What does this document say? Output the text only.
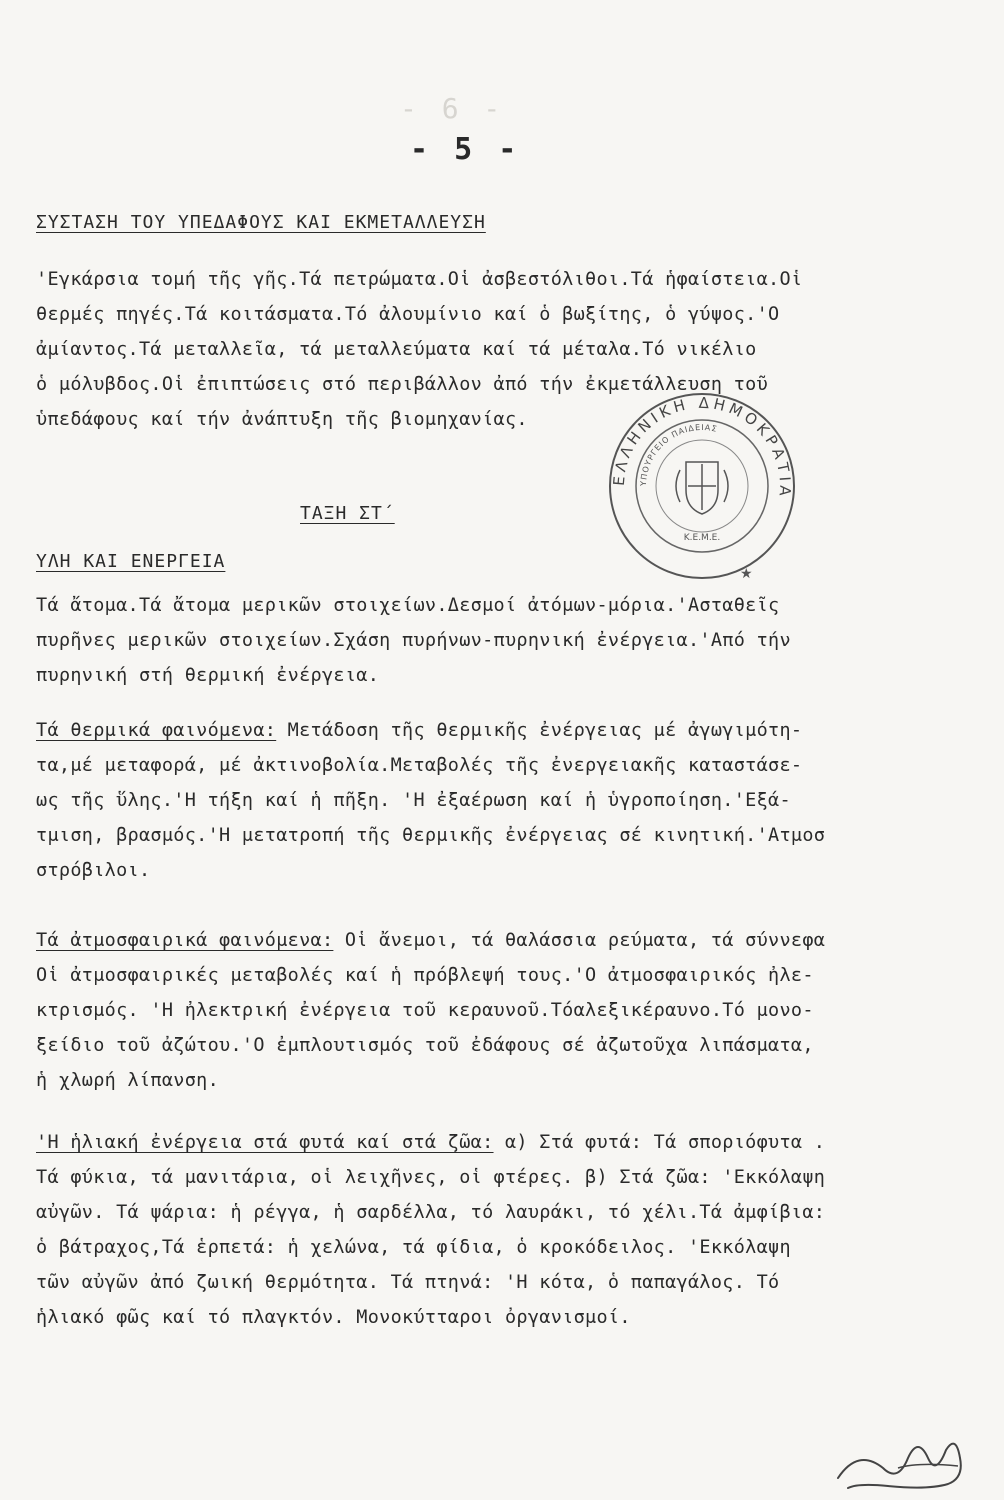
- 6 -
- 5 -
ΣΥΣΤΑΣΗ ΤΟΥ ΥΠΕΔΑΦΟΥΣ ΚΑΙ ΕΚΜΕΤΑΛΛΕΥΣΗ
'Εγκάρσια τομή τῆς γῆς.Τά πετρώματα.Οἱ ἀσβεστόλιθοι.Τά ἡφαίστεια.Οἱ
θερμές πηγές.Τά κοιτάσματα.Τό ἀλουμίνιο καί ὁ βωξίτης, ὁ γύψος.'Ο
ἀμίαντος.Τά μεταλλεῖα, τά μεταλλεύματα καί τά μέταλα.Τό νικέλιο
ὁ μόλυβδος.Οἱ ἐπιπτώσεις στό περιβάλλον ἀπό τήν ἐκμετάλλευση τοῦ
ὑπεδάφους καί τήν ἀνάπτυξη τῆς βιομηχανίας.
ΤΑΞΗ ΣΤ΄
ΥΛΗ ΚΑΙ ΕΝΕΡΓΕΙΑ
Τά ἄτομα.Τά ἄτομα μερικῶν στοιχείων.Δεσμοί ἀτόμων-μόρια.'Ασταθεῖς
πυρῆνες μερικῶν στοιχείων.Σχάση πυρήνων-πυρηνική ἐνέργεια.'Από τήν
πυρηνική στή θερμική ἐνέργεια.
Τά θερμικά φαινόμενα: Μετάδοση τῆς θερμικῆς ἐνέργειας μέ ἀγωγιμότη-
τα,μέ μεταφορά, μέ ἀκτινοβολία.Μεταβολές τῆς ἐνεργειακῆς καταστάσε-
ως τῆς ὕλης.'Η τήξη καί ἡ πῆξη. 'Η ἐξαέρωση καί ἡ ὑγροποίηση.'Εξά-
τμιση, βρασμός.'Η μετατροπή τῆς θερμικῆς ἐνέργειας σέ κινητική.'Ατμοσ
στρόβιλοι.
Τά ἀτμοσφαιρικά φαινόμενα: Οἱ ἄνεμοι, τά θαλάσσια ρεύματα, τά σύννεφα
Οἱ ἀτμοσφαιρικές μεταβολές καί ἡ πρόβλεψή τους.'Ο ἀτμοσφαιρικός ἠλε-
κτρισμός. 'Η ἠλεκτρική ἐνέργεια τοῦ κεραυνοῦ.Τόαλεξικέραυνο.Τό μονο-
ξείδιο τοῦ ἀζώτου.'Ο ἐμπλουτισμός τοῦ ἐδάφους σέ ἀζωτοῦχα λιπάσματα,
ἡ χλωρή λίπανση.
'Η ἡλιακή ἐνέργεια στά φυτά καί στά ζῶα: α) Στά φυτά: Τά σποριόφυτα .
Τά φύκια, τά μανιτάρια, οἱ λειχῆνες, οἱ φτέρες. β) Στά ζῶα: 'Εκκόλαψη
αὐγῶν. Τά ψάρια: ἡ ρέγγα, ἡ σαρδέλλα, τό λαυράκι, τό χέλι.Τά ἀμφίβια:
ὁ βάτραχος,Τά ἑρπετά: ἡ χελώνα, τά φίδια, ὁ κροκόδειλος. 'Εκκόλαψη
τῶν αὐγῶν ἀπό ζωική θερμότητα. Τά πτηνά: 'Η κότα, ὁ παπαγάλος. Τό
ἡλιακό φῶς καί τό πλαγκτόν. Μονοκύτταροι ὀργανισμοί.
ΕΛΛΗΝΙΚΗ ΔΗΜΟΚΡΑΤΙΑ
ΥΠΟΥΡΓΕΙΟ ΠΑΙΔΕΙΑΣ
Κ.Ε.Μ.Ε.
★
